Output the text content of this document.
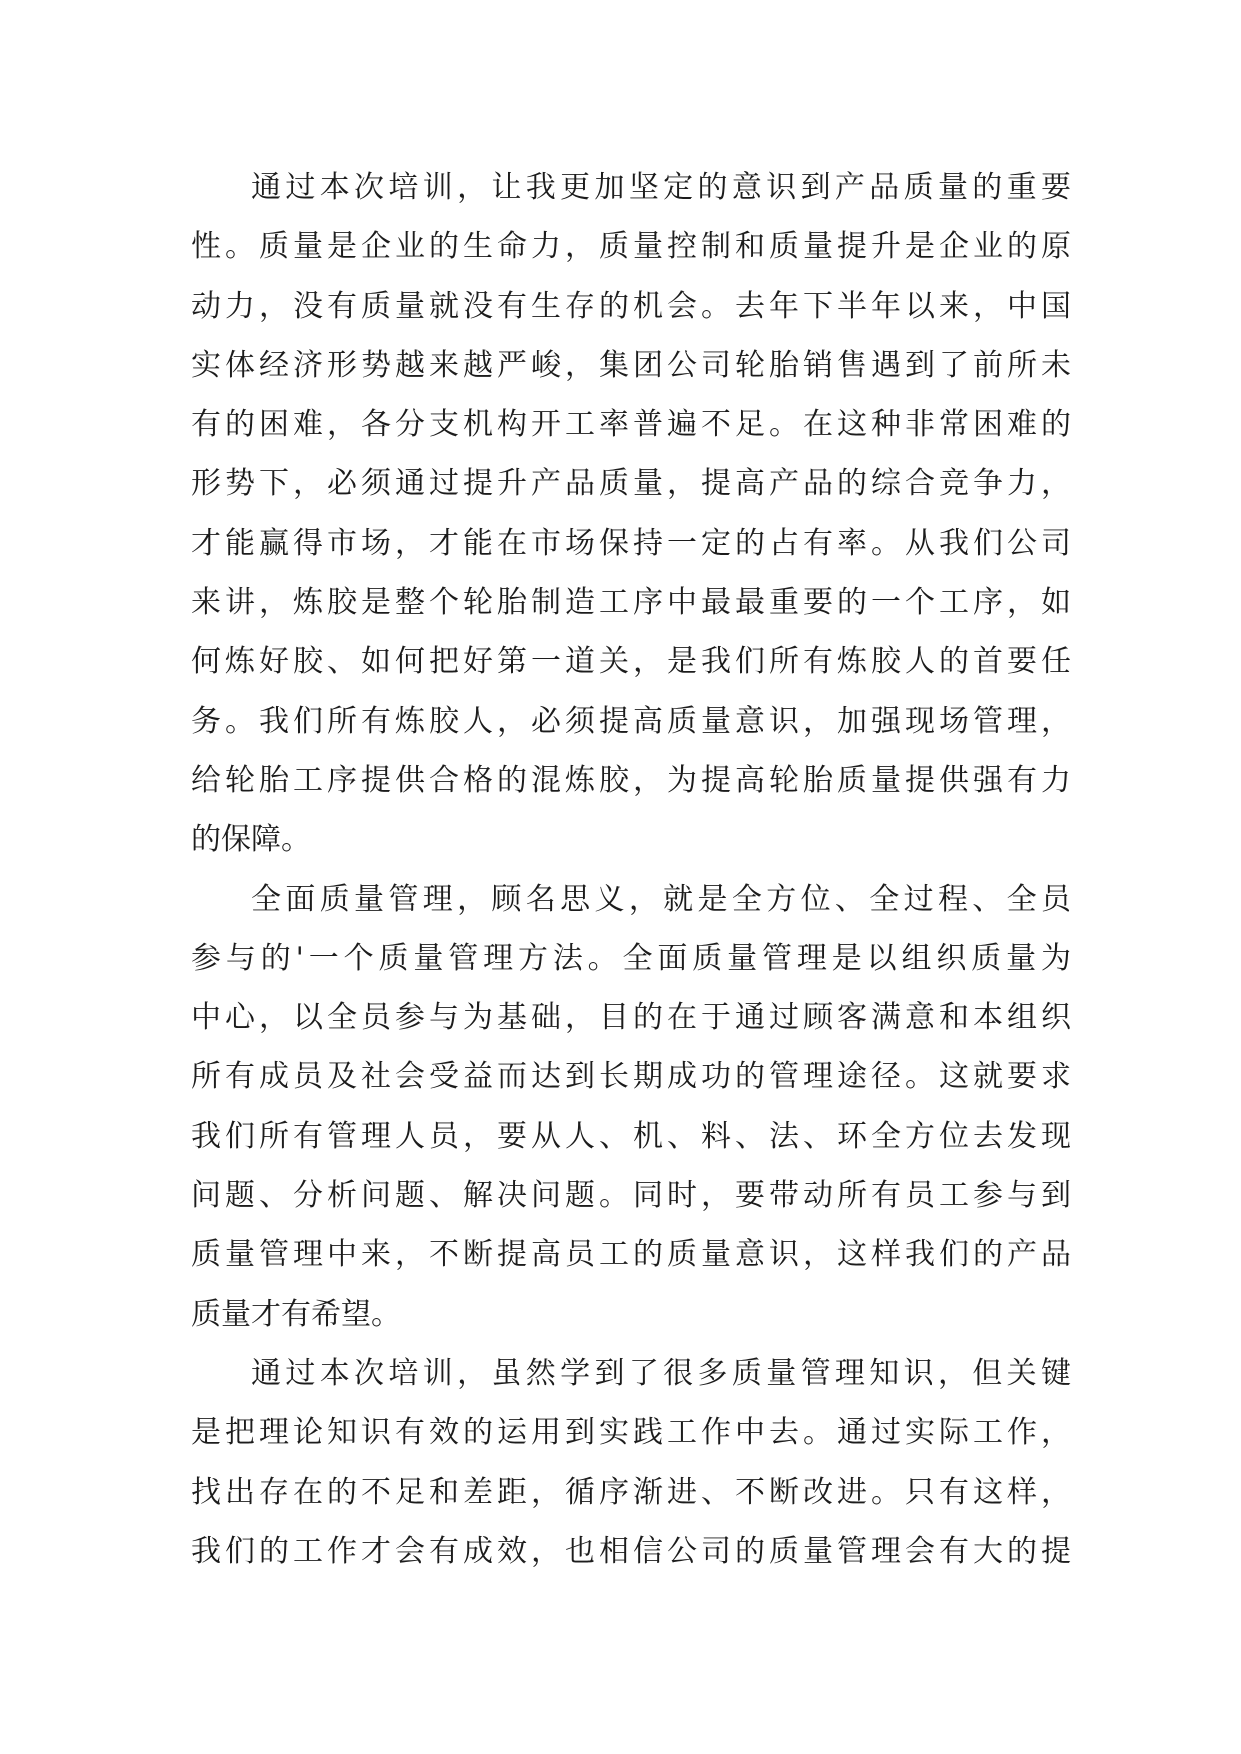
通过本次培训，让我更加坚定的意识到产品质量的重要
性。质量是企业的生命力，质量控制和质量提升是企业的原
动力，没有质量就没有生存的机会。去年下半年以来，中国
实体经济形势越来越严峻，集团公司轮胎销售遇到了前所未
有的困难，各分支机构开工率普遍不足。在这种非常困难的
形势下，必须通过提升产品质量，提高产品的综合竞争力，
才能赢得市场，才能在市场保持一定的占有率。从我们公司
来讲，炼胶是整个轮胎制造工序中最最重要的一个工序，如
何炼好胶、如何把好第一道关，是我们所有炼胶人的首要任
务。我们所有炼胶人，必须提高质量意识，加强现场管理，
给轮胎工序提供合格的混炼胶，为提高轮胎质量提供强有力
的保障。
全面质量管理，顾名思义，就是全方位、全过程、全员
参与的'一个质量管理方法。全面质量管理是以组织质量为
中心，以全员参与为基础，目的在于通过顾客满意和本组织
所有成员及社会受益而达到长期成功的管理途径。这就要求
我们所有管理人员，要从人、机、料、法、环全方位去发现
问题、分析问题、解决问题。同时，要带动所有员工参与到
质量管理中来，不断提高员工的质量意识，这样我们的产品
质量才有希望。
通过本次培训，虽然学到了很多质量管理知识，但关键
是把理论知识有效的运用到实践工作中去。通过实际工作，
找出存在的不足和差距，循序渐进、不断改进。只有这样，
我们的工作才会有成效，也相信公司的质量管理会有大的提
